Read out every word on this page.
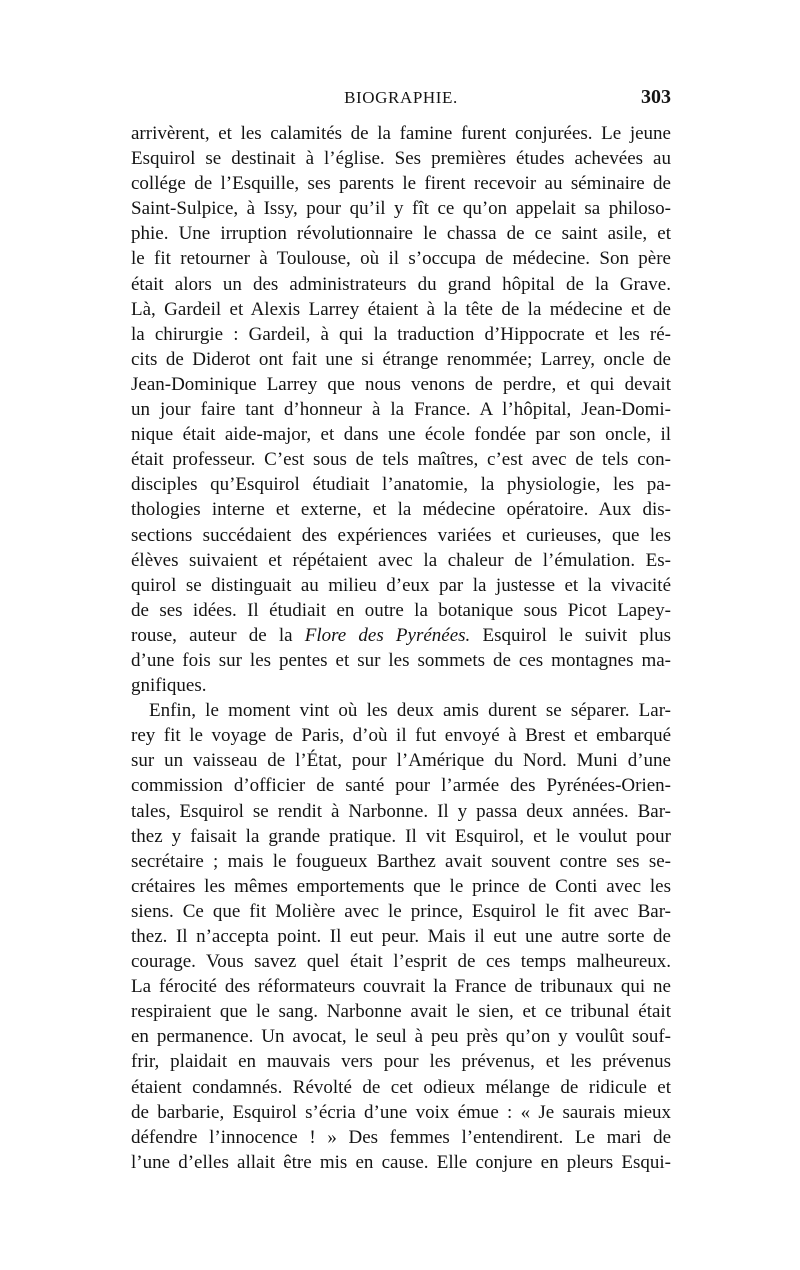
BIOGRAPHIE.	303
arrivèrent, et les calamités de la famine furent conjurées. Le jeune
Esquirol se destinait à l’église. Ses premières études achevées au
collége de l’Esquille, ses parents le firent recevoir au séminaire de
Saint-Sulpice, à Issy, pour qu’il y fît ce qu’on appelait sa philoso-
phie. Une irruption révolutionnaire le chassa de ce saint asile, et
le fit retourner à Toulouse, où il s’occupa de médecine. Son père
était alors un des administrateurs du grand hôpital de la Grave.
Là, Gardeil et Alexis Larrey étaient à la tête de la médecine et de
la chirurgie : Gardeil, à qui la traduction d’Hippocrate et les ré-
cits de Diderot ont fait une si étrange renommée; Larrey, oncle de
Jean-Dominique Larrey que nous venons de perdre, et qui devait
un jour faire tant d’honneur à la France. A l’hôpital, Jean-Domi-
nique était aide-major, et dans une école fondée par son oncle, il
était professeur. C’est sous de tels maîtres, c’est avec de tels con-
disciples qu’Esquirol étudiait l’anatomie, la physiologie, les pa-
thologies interne et externe, et la médecine opératoire. Aux dis-
sections succédaient des expériences variées et curieuses, que les
élèves suivaient et répétaient avec la chaleur de l’émulation. Es-
quirol se distinguait au milieu d’eux par la justesse et la vivacité
de ses idées. Il étudiait en outre la botanique sous Picot Lapey-
rouse, auteur de la Flore des Pyrénées. Esquirol le suivit plus
d’une fois sur les pentes et sur les sommets de ces montagnes ma-
gnifiques.
Enfin, le moment vint où les deux amis durent se séparer. Lar-
rey fit le voyage de Paris, d’où il fut envoyé à Brest et embarqué
sur un vaisseau de l’État, pour l’Amérique du Nord. Muni d’une
commission d’officier de santé pour l’armée des Pyrénées-Orien-
tales, Esquirol se rendit à Narbonne. Il y passa deux années. Bar-
thez y faisait la grande pratique. Il vit Esquirol, et le voulut pour
secrétaire ; mais le fougueux Barthez avait souvent contre ses se-
crétaires les mêmes emportements que le prince de Conti avec les
siens. Ce que fit Molière avec le prince, Esquirol le fit avec Bar-
thez. Il n’accepta point. Il eut peur. Mais il eut une autre sorte de
courage. Vous savez quel était l’esprit de ces temps malheureux.
La férocité des réformateurs couvrait la France de tribunaux qui ne
respiraient que le sang. Narbonne avait le sien, et ce tribunal était
en permanence. Un avocat, le seul à peu près qu’on y voulût souf-
frir, plaidait en mauvais vers pour les prévenus, et les prévenus
étaient condamnés. Révolté de cet odieux mélange de ridicule et
de barbarie, Esquirol s’écria d’une voix émue : « Je saurais mieux
défendre l’innocence ! » Des femmes l’entendirent. Le mari de
l’une d’elles allait être mis en cause. Elle conjure en pleurs Esqui-
